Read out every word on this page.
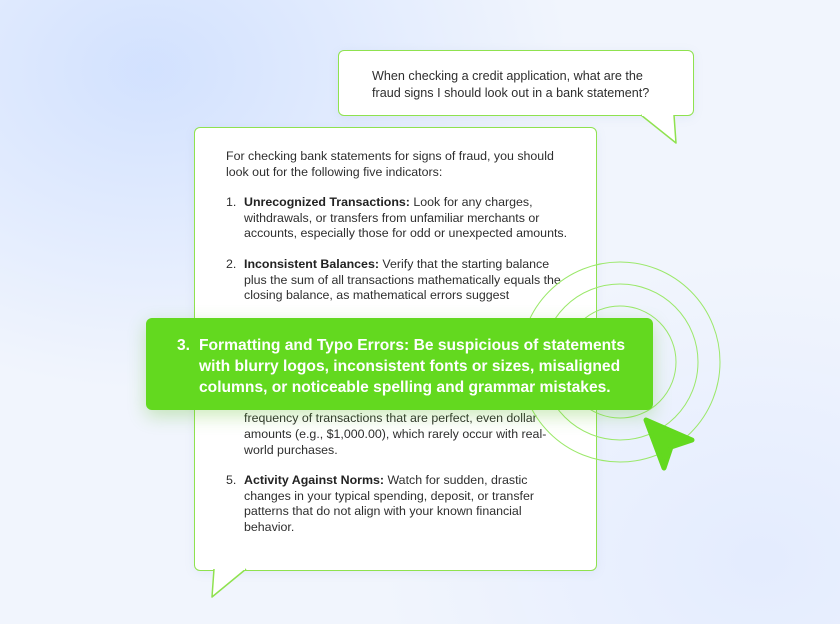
When checking a credit application, what are the fraud signs I should look out in a bank statement?

For checking bank statements for signs of fraud, you should look out for the following five indicators:

1. Unrecognized Transactions: Look for any charges, withdrawals, or transfers from unfamiliar merchants or accounts, especially those for odd or unexpected amounts.

2. Inconsistent Balances: Verify that the starting balance plus the sum of all transactions mathematically equals the closing balance, as mathematical errors suggest

frequency of transactions that are perfect, even dollar amounts (e.g., $1,000.00), which rarely occur with real-world purchases.

5. Activity Against Norms: Watch for sudden, drastic changes in your typical spending, deposit, or transfer patterns that do not align with your known financial behavior.

3. Formatting and Typo Errors: Be suspicious of statements with blurry logos, inconsistent fonts or sizes, misaligned columns, or noticeable spelling and grammar mistakes.
